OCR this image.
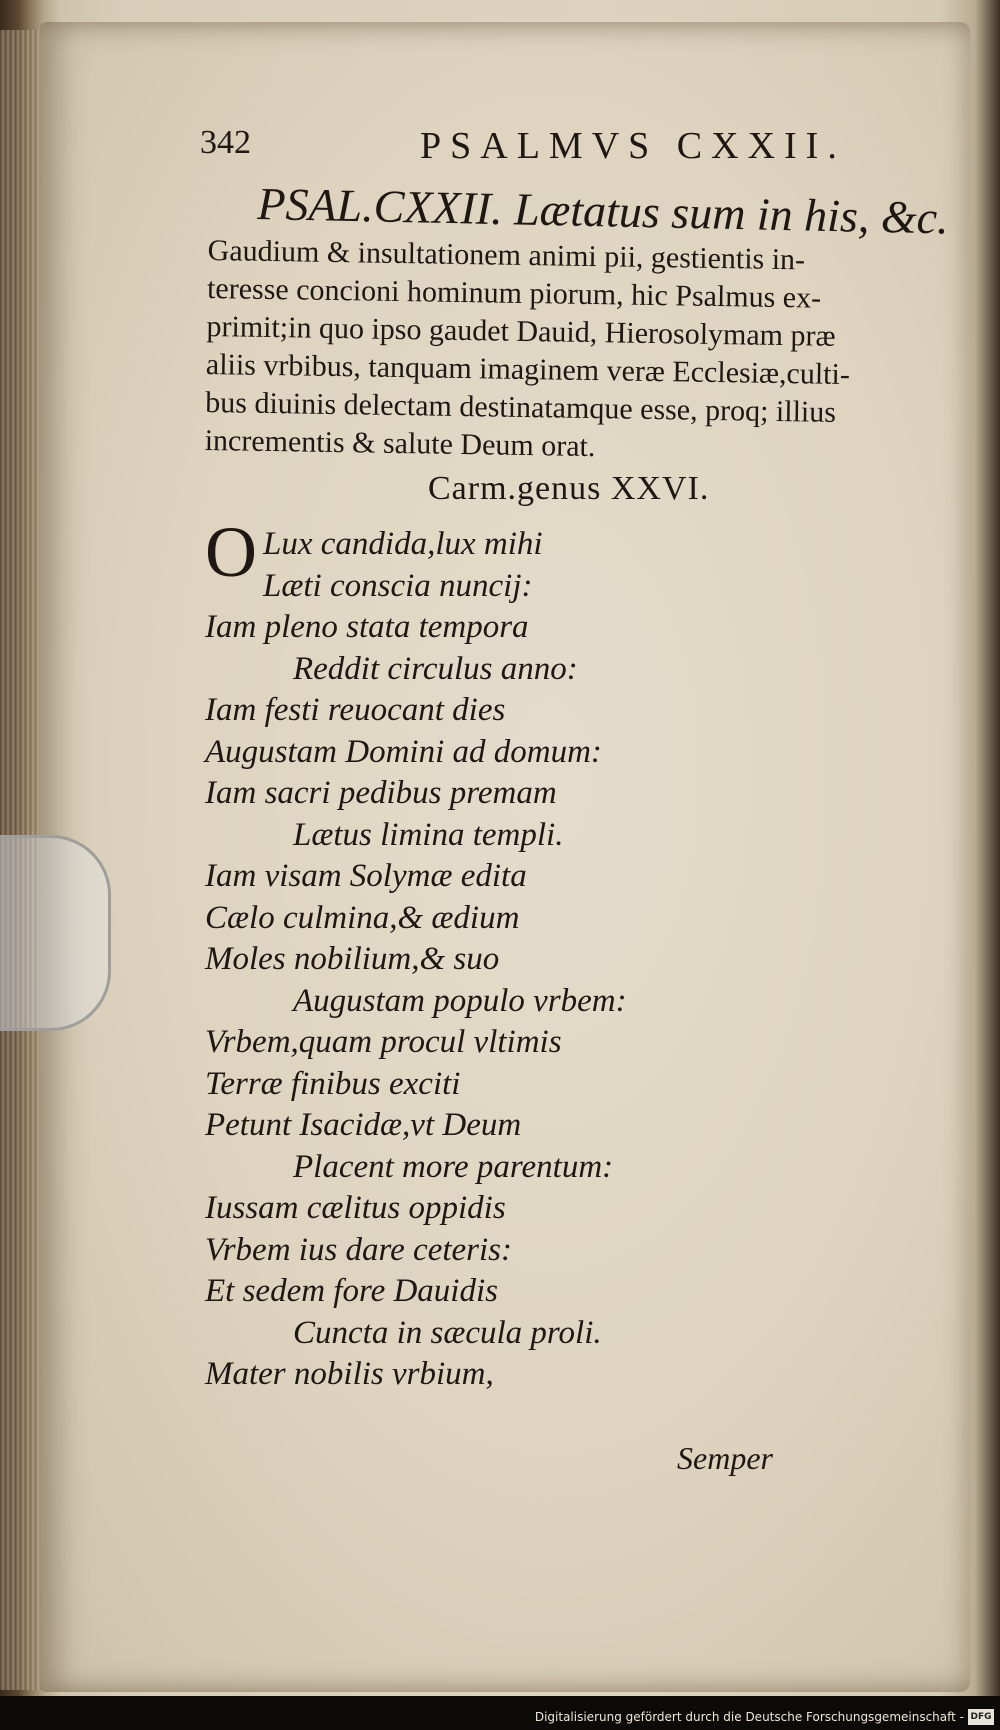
342	PSALMVS CXXII.
PSAL.CXXII. Lætatus sum in his, &c.
Gaudium & insultationem animi pii, gestientis in-
teresse concioni hominum piorum, hic Psalmus ex-
primit;in quo ipso gaudet Dauid, Hierosolymam præ
aliis vrbibus, tanquam imaginem veræ Ecclesiæ,culti-
bus diuinis delectam destinatamque esse, proq; illius
incrementis & salute Deum orat.
Carm.genus XXVI.
O Lux candida,lux mihi
Læti conscia nuncij:
Iam pleno stata tempora
Reddit circulus anno:
Iam festi reuocant dies
Augustam Domini ad domum:
Iam sacri pedibus premam
Lætus limina templi.
Iam visam Solymæ edita
Cælo culmina,& ædium
Moles nobilium,& suo
Augustam populo vrbem:
Vrbem,quam procul vltimis
Terræ finibus exciti
Petunt Isacidæ,vt Deum
Placent more parentum:
Iussam cælitus oppidis
Vrbem ius dare ceteris:
Et sedem fore Dauidis
Cuncta in sæcula proli.
Mater nobilis vrbium,
Semper
Digitalisierung gefördert durch die Deutsche Forschungsgemeinschaft - DFG
